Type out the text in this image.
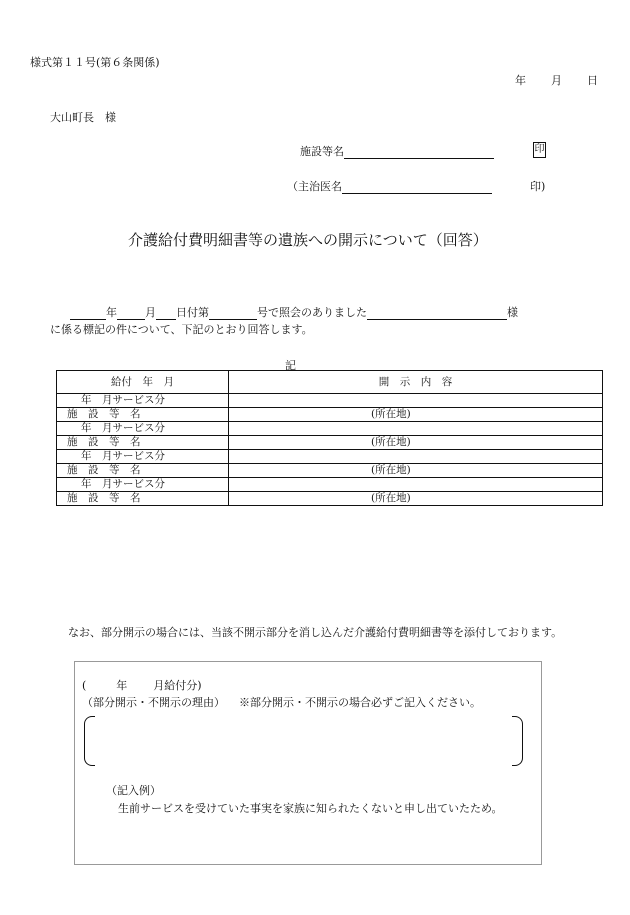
様式第１１号(第６条関係)
年 月 日
大山町長　様
施設等名	印
（主治医名	印)
介護給付費明細書等の遺族への開示について（回答）
年	月 日付第	号で照会のありました	様
に係る標記の件について、下記のとおり回答します。
記
給付　年　月	開　示　内　容
年　月サービス分	
施　設　等　名	(所在地)
年　月サービス分	
施　設　等　名	(所在地)
年　月サービス分	
施　設　等　名	(所在地)
年　月サービス分	
施　設　等　名	(所在地)
なお、部分開示の場合には、当該不開示部分を消し込んだ介護給付費明細書等を添付しております。
(	年 月給付分)
（部分開示・不開示の理由） ※部分開示・不開示の場合必ずご記入ください。
（記入例）
生前サービスを受けていた事実を家族に知られたくないと申し出ていたため。
